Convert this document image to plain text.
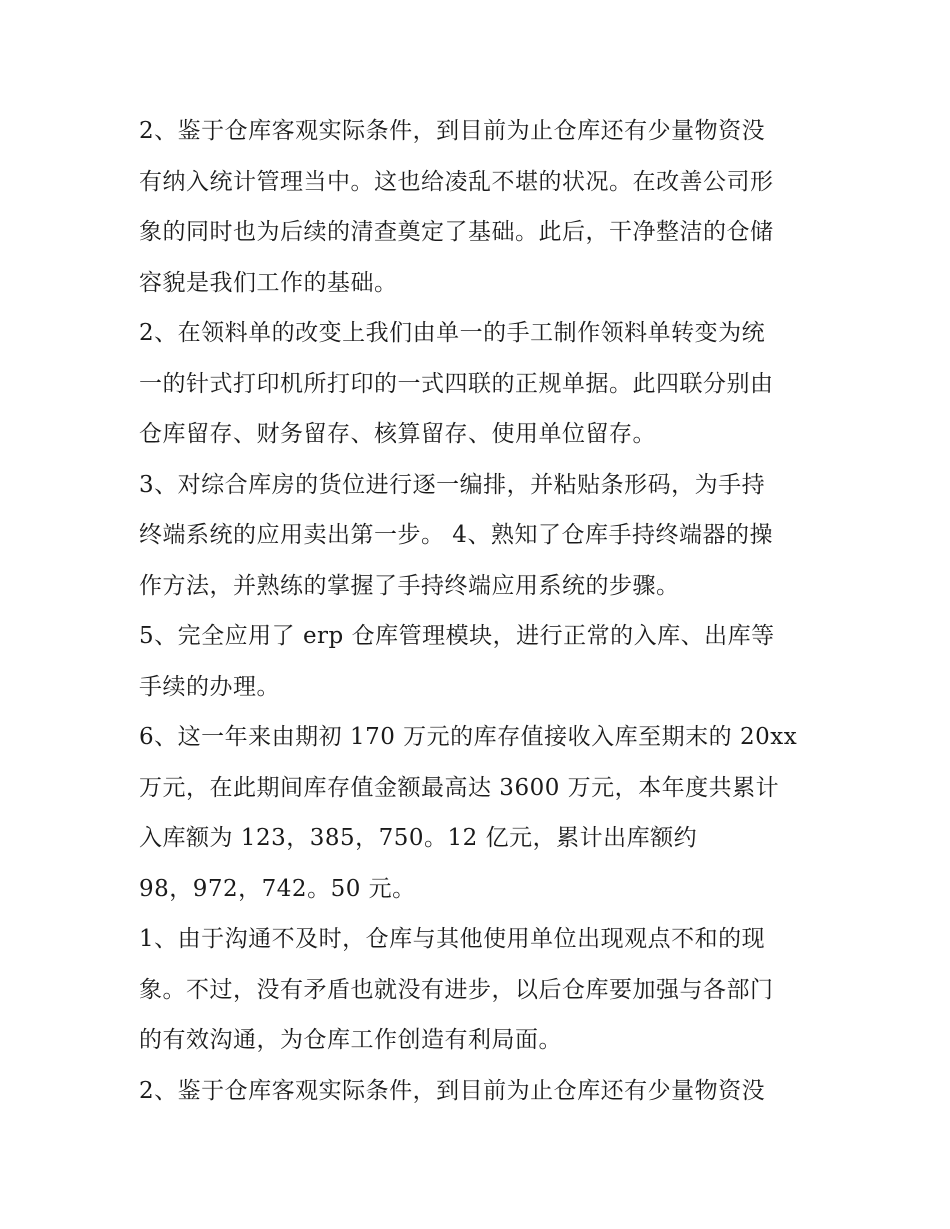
2、鉴于仓库客观实际条件，到目前为止仓库还有少量物资没
有纳入统计管理当中。这也给凌乱不堪的状况。在改善公司形
象的同时也为后续的清查奠定了基础。此后，干净整洁的仓储
容貌是我们工作的基础。
2、在领料单的改变上我们由单一的手工制作领料单转变为统
一的针式打印机所打印的一式四联的正规单据。此四联分别由
仓库留存、财务留存、核算留存、使用单位留存。
3、对综合库房的货位进行逐一编排，并粘贴条形码，为手持
终端系统的应用卖出第一步。 4、熟知了仓库手持终端器的操
作方法，并熟练的掌握了手持终端应用系统的步骤。
5、完全应用了 erp 仓库管理模块，进行正常的入库、出库等
手续的办理。
6、这一年来由期初 170 万元的库存值接收入库至期末的 20xx
万元，在此期间库存值金额最高达 3600 万元，本年度共累计
入库额为 123，385，750。12 亿元，累计出库额约
98，972，742。50 元。
1、由于沟通不及时，仓库与其他使用单位出现观点不和的现
象。不过，没有矛盾也就没有进步，以后仓库要加强与各部门
的有效沟通，为仓库工作创造有利局面。
2、鉴于仓库客观实际条件，到目前为止仓库还有少量物资没
